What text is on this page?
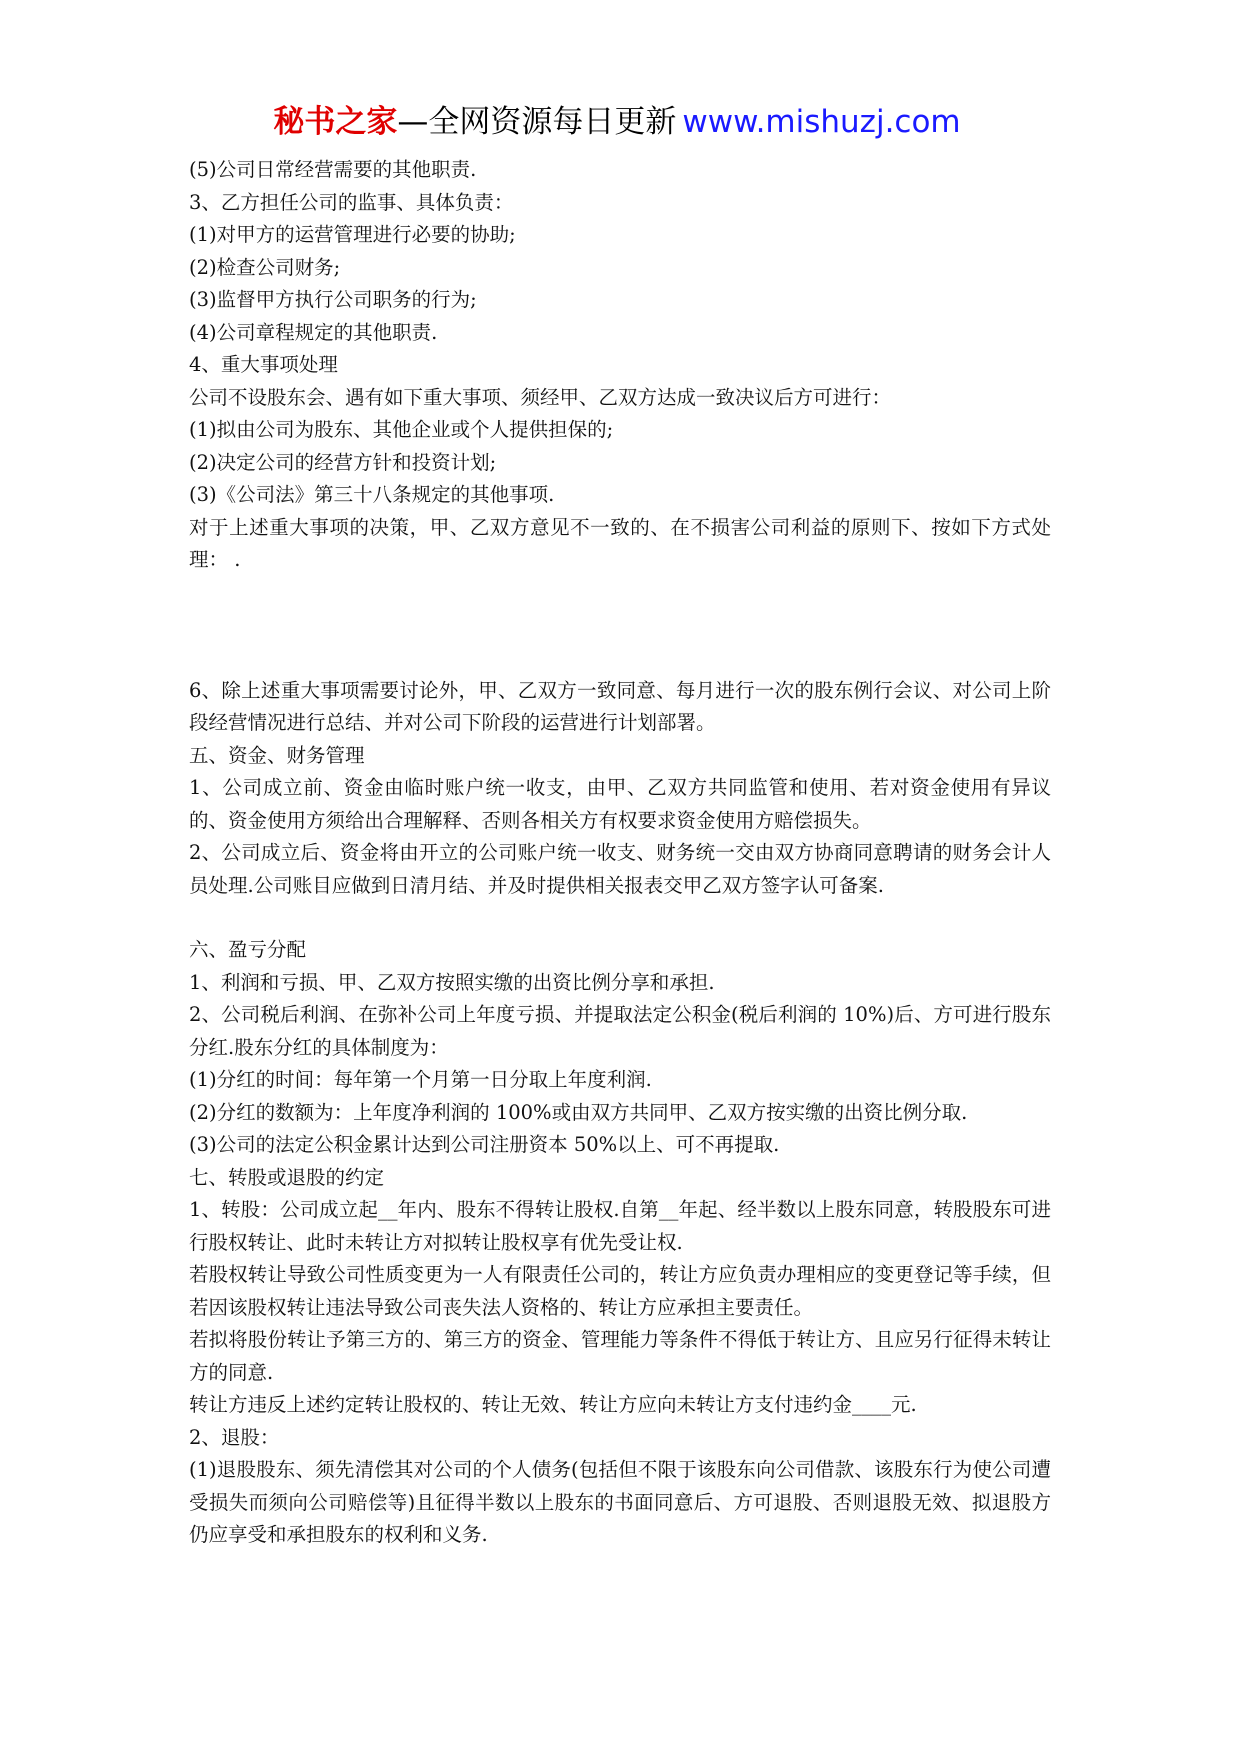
秘书之家—全网资源每日更新 www.mishuzj.com

(5)公司日常经营需要的其他职责.

3、乙方担任公司的监事、具体负责：

(1)对甲方的运营管理进行必要的协助;

(2)检查公司财务;

(3)监督甲方执行公司职务的行为;

(4)公司章程规定的其他职责.

4、重大事项处理

公司不设股东会、遇有如下重大事项、须经甲、乙双方达成一致决议后方可进行：

(1)拟由公司为股东、其他企业或个人提供担保的;

(2)决定公司的经营方针和投资计划;

(3)《公司法》第三十八条规定的其他事项.

对于上述重大事项的决策，甲、乙双方意见不一致的、在不损害公司利益的原则下、按如下方式处理： .

6、除上述重大事项需要讨论外，甲、乙双方一致同意、每月进行一次的股东例行会议、对公司上阶段经营情况进行总结、并对公司下阶段的运营进行计划部署。

五、资金、财务管理

1、公司成立前、资金由临时账户统一收支，由甲、乙双方共同监管和使用、若对资金使用有异议的、资金使用方须给出合理解释、否则各相关方有权要求资金使用方赔偿损失。

2、公司成立后、资金将由开立的公司账户统一收支、财务统一交由双方协商同意聘请的财务会计人员处理.公司账目应做到日清月结、并及时提供相关报表交甲乙双方签字认可备案.

六、盈亏分配

1、利润和亏损、甲、乙双方按照实缴的出资比例分享和承担.

2、公司税后利润、在弥补公司上年度亏损、并提取法定公积金(税后利润的 10%)后、方可进行股东分红.股东分红的具体制度为：

(1)分红的时间：每年第一个月第一日分取上年度利润.

(2)分红的数额为：上年度净利润的 100%或由双方共同甲、乙双方按实缴的出资比例分取.

(3)公司的法定公积金累计达到公司注册资本 50%以上、可不再提取.

七、转股或退股的约定

1、转股：公司成立起__年内、股东不得转让股权.自第__年起、经半数以上股东同意，转股股东可进行股权转让、此时未转让方对拟转让股权享有优先受让权.

若股权转让导致公司性质变更为一人有限责任公司的，转让方应负责办理相应的变更登记等手续，但若因该股权转让违法导致公司丧失法人资格的、转让方应承担主要责任。

若拟将股份转让予第三方的、第三方的资金、管理能力等条件不得低于转让方、且应另行征得未转让方的同意.

转让方违反上述约定转让股权的、转让无效、转让方应向未转让方支付违约金____元.

2、退股：

(1)退股股东、须先清偿其对公司的个人债务(包括但不限于该股东向公司借款、该股东行为使公司遭受损失而须向公司赔偿等)且征得半数以上股东的书面同意后、方可退股、否则退股无效、拟退股方仍应享受和承担股东的权利和义务.
